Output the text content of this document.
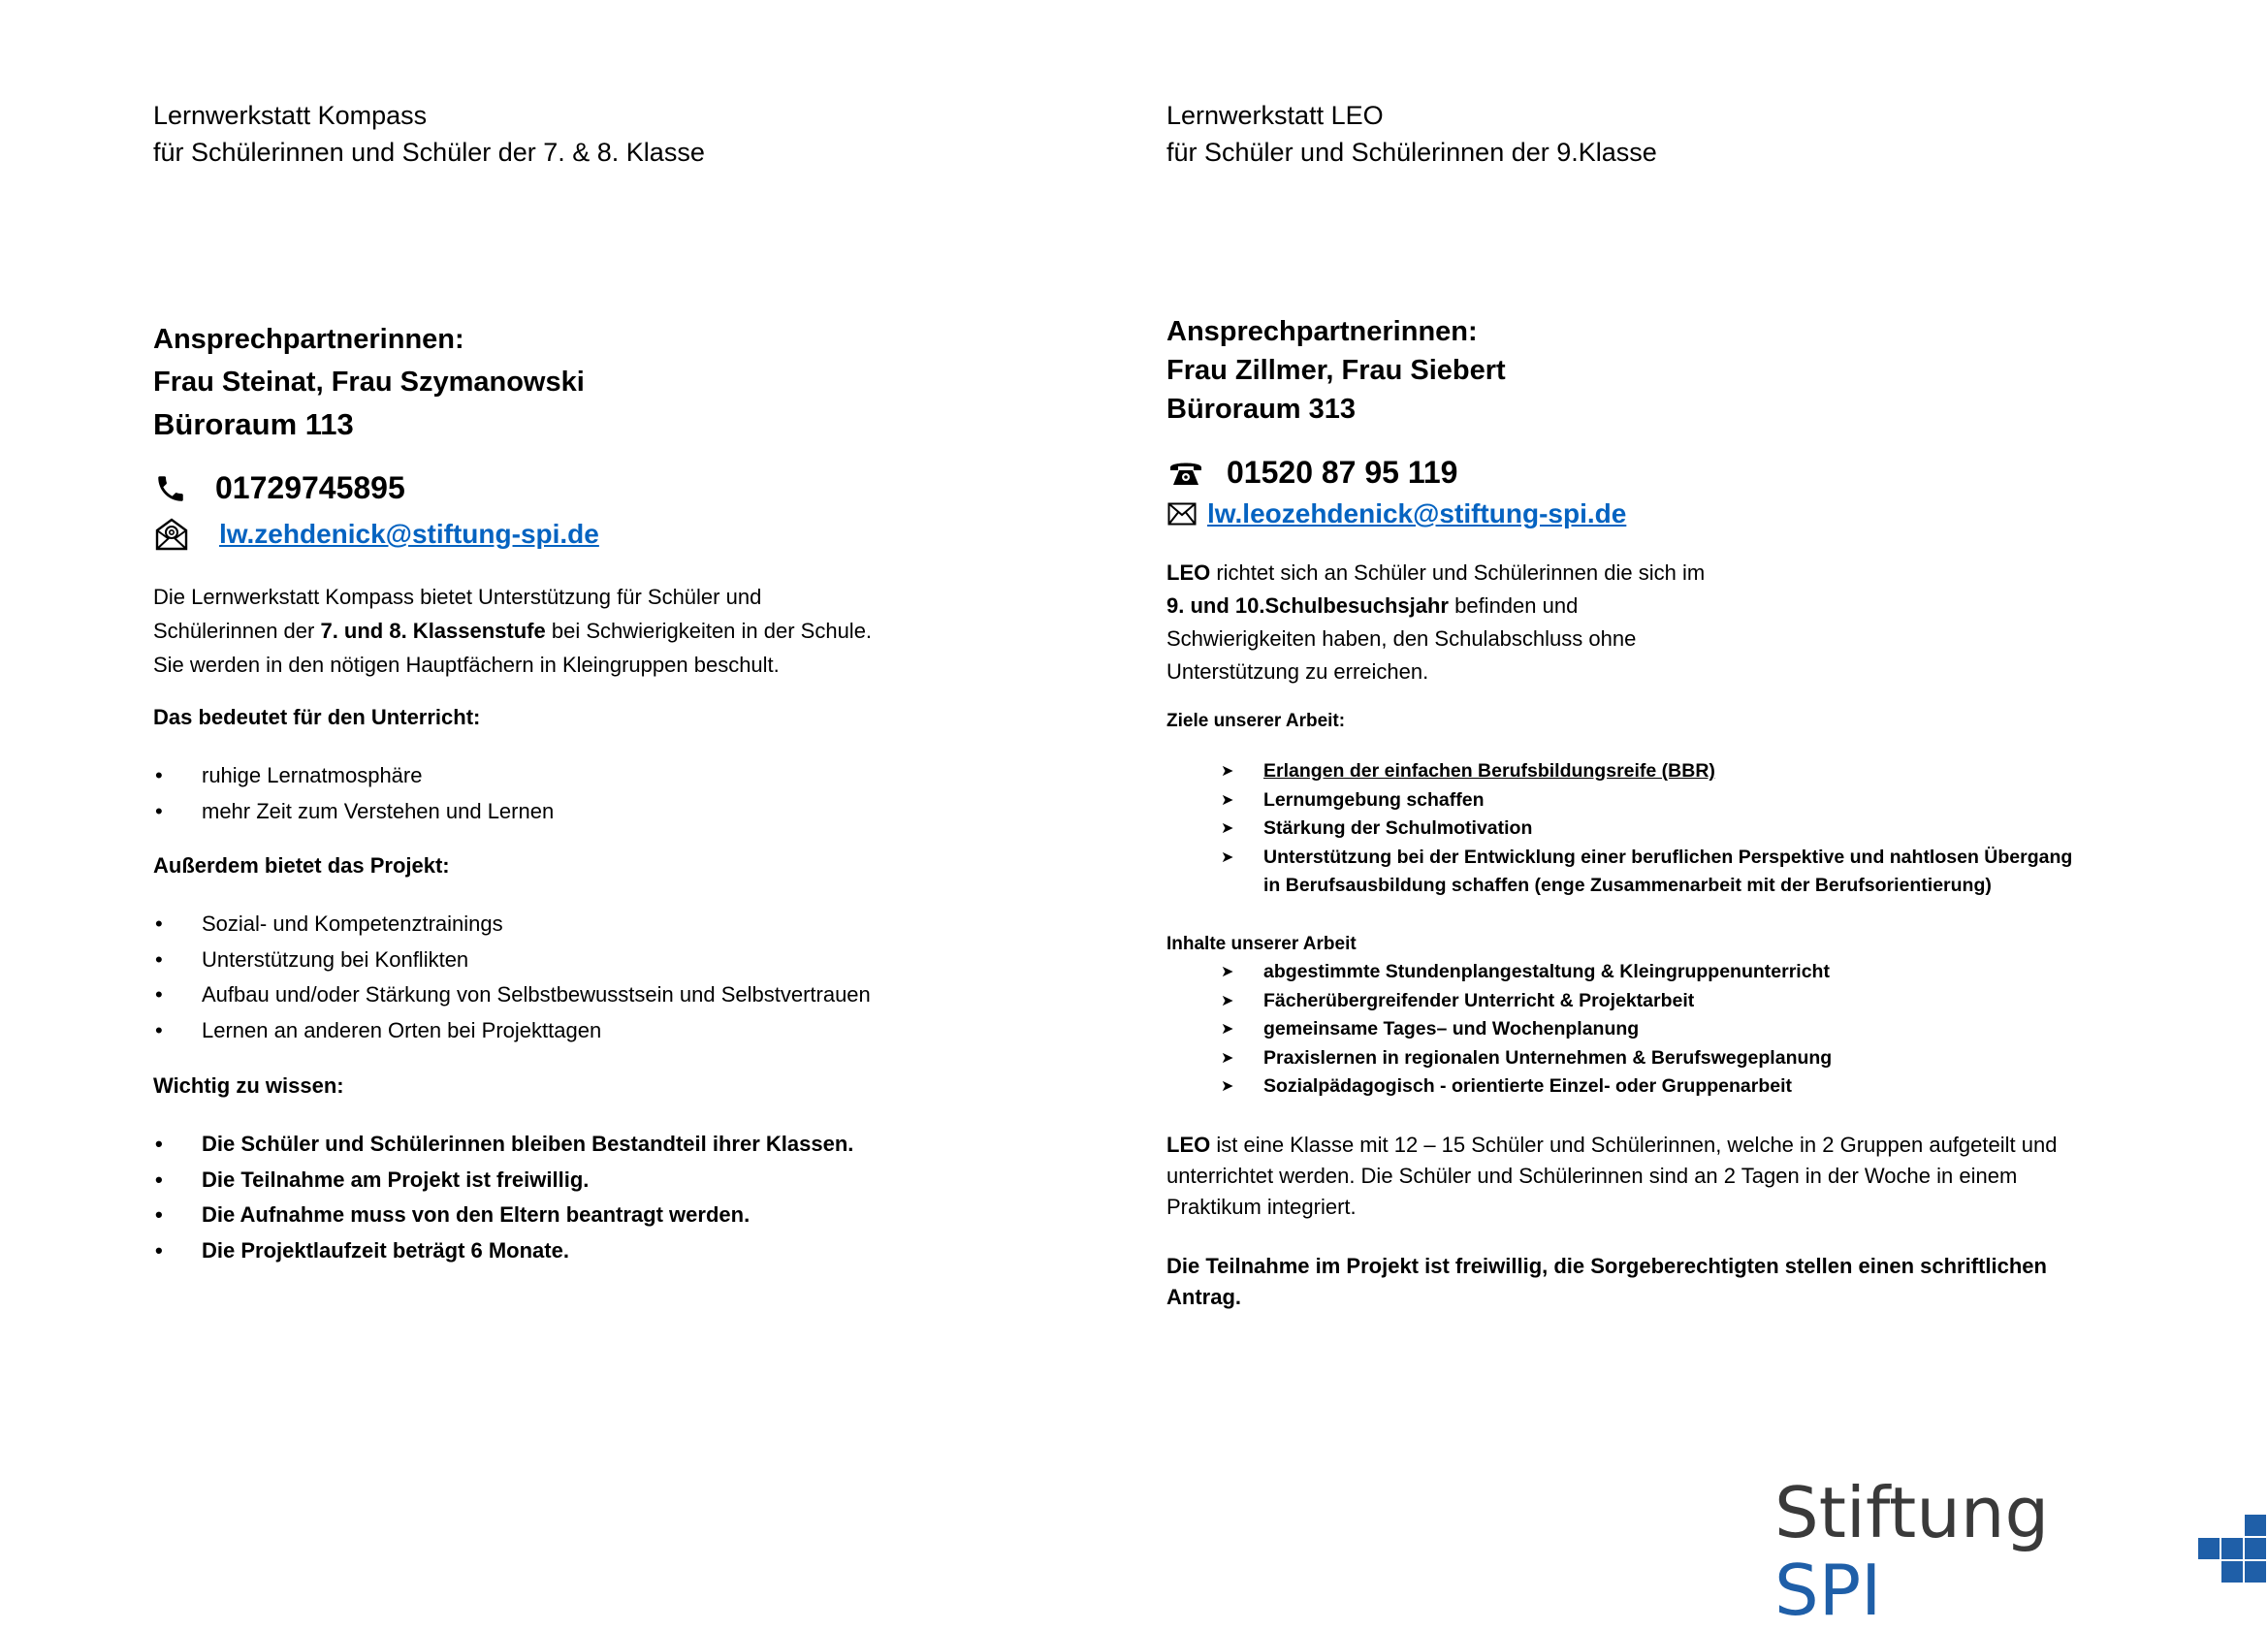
Lernwerkstatt Kompass
für Schülerinnen und Schüler der 7. & 8. Klasse
Ansprechpartnerinnen:
Frau Steinat, Frau Szymanowski
Büroraum 113
01729745895
lw.zehdenick@stiftung-spi.de
Die Lernwerkstatt Kompass bietet Unterstützung für Schüler und
Schülerinnen der 7. und 8. Klassenstufe bei Schwierigkeiten in der Schule.
Sie werden in den nötigen Hauptfächern in Kleingruppen beschult.
Das bedeutet für den Unterricht:
• ruhige Lernatmosphäre
• mehr Zeit zum Verstehen und Lernen
Außerdem bietet das Projekt:
• Sozial- und Kompetenztrainings
• Unterstützung bei Konflikten
• Aufbau und/oder Stärkung von Selbstbewusstsein und Selbstvertrauen
• Lernen an anderen Orten bei Projekttagen
Wichtig zu wissen:
• Die Schüler und Schülerinnen bleiben Bestandteil ihrer Klassen.
• Die Teilnahme am Projekt ist freiwillig.
• Die Aufnahme muss von den Eltern beantragt werden.
• Die Projektlaufzeit beträgt 6 Monate.
Lernwerkstatt LEO
für Schüler und Schülerinnen der 9.Klasse
Ansprechpartnerinnen:
Frau Zillmer, Frau Siebert
Büroraum 313
01520 87 95 119
lw.leozehdenick@stiftung-spi.de
LEO richtet sich an Schüler und Schülerinnen die sich im
9. und 10.Schulbesuchsjahr befinden und
Schwierigkeiten haben, den Schulabschluss ohne
Unterstützung zu erreichen.
Ziele unserer Arbeit:
➤ Erlangen der einfachen Berufsbildungsreife (BBR)
➤ Lernumgebung schaffen
➤ Stärkung der Schulmotivation
➤ Unterstützung bei der Entwicklung einer beruflichen Perspektive und nahtlosen Übergang
in Berufsausbildung schaffen (enge Zusammenarbeit mit der Berufsorientierung)
Inhalte unserer Arbeit
➤ abgestimmte Stundenplangestaltung & Kleingruppenunterricht
➤ Fächerübergreifender Unterricht & Projektarbeit
➤ gemeinsame Tages– und Wochenplanung
➤ Praxislernen in regionalen Unternehmen & Berufswegeplanung
➤ Sozialpädagogisch - orientierte Einzel- oder Gruppenarbeit
LEO ist eine Klasse mit 12 – 15 Schüler und Schülerinnen, welche in 2 Gruppen aufgeteilt und
unterrichtet werden. Die Schüler und Schülerinnen sind an 2 Tagen in der Woche in einem
Praktikum integriert.
Die Teilnahme im Projekt ist freiwillig, die Sorgeberechtigten stellen einen schriftlichen
Antrag.
Stiftung SPI
